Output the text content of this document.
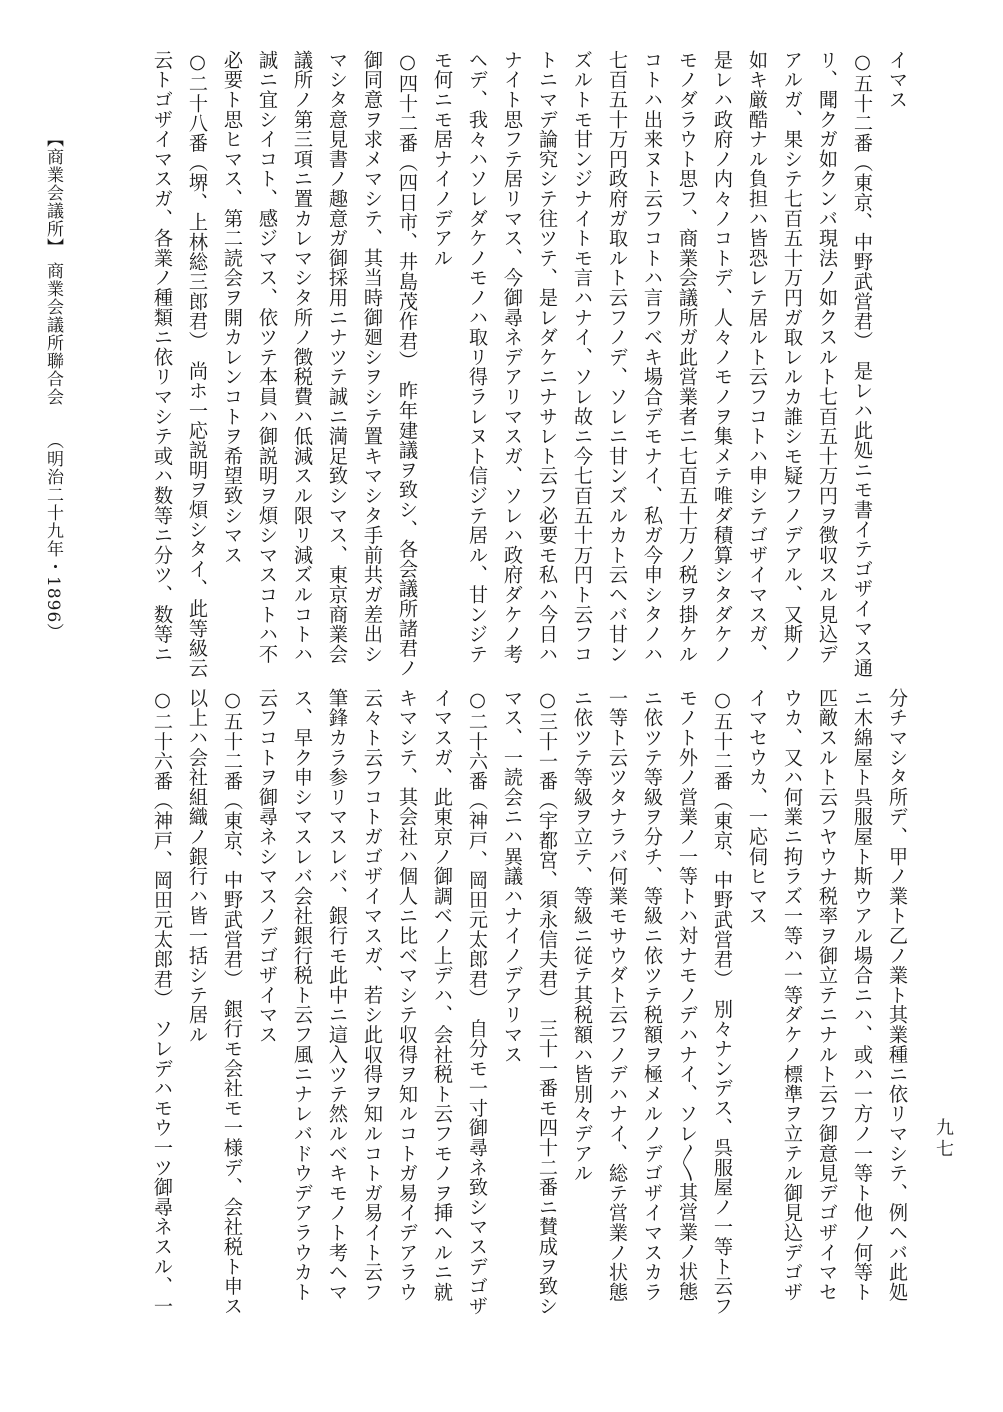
イマス
○五十二番（東京、中野武営君）　是レハ此処ニモ書イテゴザイマス通
リ、聞クガ如クンバ現法ノ如クスルト七百五十万円ヲ徴収スル見込デ
アルガ、果シテ七百五十万円ガ取レルカ誰シモ疑フノデアル、又斯ノ
如キ厳酷ナル負担ハ皆恐レテ居ルト云フコトハ申シテゴザイマスガ、
是レハ政府ノ内々ノコトデ、人々ノモノヲ集メテ唯ダ積算シタダケノ
モノダラウト思フ、商業会議所ガ此営業者ニ七百五十万ノ税ヲ掛ケル
コトハ出来ヌト云フコトハ言フベキ場合デモナイ、私ガ今申シタノハ
七百五十万円政府ガ取ルト云フノデ、ソレニ甘ンズルカト云ヘバ甘ン
ズルトモ甘ンジナイトモ言ハナイ、ソレ故ニ今七百五十万円ト云フコ
トニマデ論究シテ往ツテ、是レダケニナサレト云フ必要モ私ハ今日ハ
ナイト思フテ居リマス、今御尋ネデアリマスガ、ソレハ政府ダケノ考
ヘデ、我々ハソレダケノモノハ取リ得ラレヌト信ジテ居ル、甘ンジテ
モ何ニモ居ナイノデアル
○四十二番（四日市、井島茂作君）　昨年建議ヲ致シ、各会議所諸君ノ
御同意ヲ求メマシテ、其当時御廻シヲシテ置キマシタ手前共ガ差出シ
マシタ意見書ノ趣意ガ御採用ニナツテ誠ニ満足致シマス、東京商業会
議所ノ第三項ニ置カレマシタ所ノ徴税費ハ低減スル限リ減ズルコトハ
誠ニ宜シイコト、感ジマス、依ツテ本員ハ御説明ヲ煩シマスコトハ不
必要ト思ヒマス、第二読会ヲ開カレンコトヲ希望致シマス
○二十八番（堺、上林総三郎君）　尚ホ一応説明ヲ煩シタイ、此等級云
云トゴザイマスガ、各業ノ種類ニ依リマシテ或ハ数等ニ分ツ、数等ニ
分チマシタ所デ、甲ノ業ト乙ノ業ト其業種ニ依リマシテ、例ヘバ此処
ニ木綿屋ト呉服屋ト斯ウアル場合ニハ、或ハ一方ノ一等ト他ノ何等ト
匹敵スルト云フヤウナ税率ヲ御立テニナルト云フ御意見デゴザイマセ
ウカ、又ハ何業ニ拘ラズ一等ハ一等ダケノ標準ヲ立テル御見込デゴザ
イマセウカ、一応伺ヒマス
○五十二番（東京、中野武営君）　別々ナンデス、呉服屋ノ一等ト云フ
モノト外ノ営業ノ一等トハ対ナモノデハナイ、ソレ〳〵其営業ノ状態
ニ依ツテ等級ヲ分チ、等級ニ依ツテ税額ヲ極メルノデゴザイマスカラ
一等ト云ツタナラバ何業モサウダト云フノデハナイ、総テ営業ノ状態
ニ依ツテ等級ヲ立テ、等級ニ従テ其税額ハ皆別々デアル
○三十一番（宇都宮、須永信夫君）　三十一番モ四十二番ニ賛成ヲ致シ
マス、一読会ニハ異議ハナイノデアリマス
○二十六番（神戸、岡田元太郎君）　自分モ一寸御尋ネ致シマスデゴザ
イマスガ、此東京ノ御調ベノ上デハ、会社税ト云フモノヲ挿ヘルニ就
キマシテ、其会社ハ個人ニ比ベマシテ収得ヲ知ルコトガ易イデアラウ
云々ト云フコトガゴザイマスガ、若シ此収得ヲ知ルコトガ易イト云フ
筆鋒カラ参リマスレバ、銀行モ此中ニ這入ツテ然ルベキモノト考ヘマ
ス、早ク申シマスレバ会社銀行税ト云フ風ニナレバドウデアラウカト
云フコトヲ御尋ネシマスノデゴザイマス
○五十二番（東京、中野武営君）　銀行モ会社モ一様デ、会社税ト申ス
以上ハ会社組織ノ銀行ハ皆一括シテ居ル
○二十六番（神戸、岡田元太郎君）　ソレデハモウ一ツ御尋ネスル、一
【商業会議所】
商業会議所聯合会
（明治二十九年・1896）
九七
